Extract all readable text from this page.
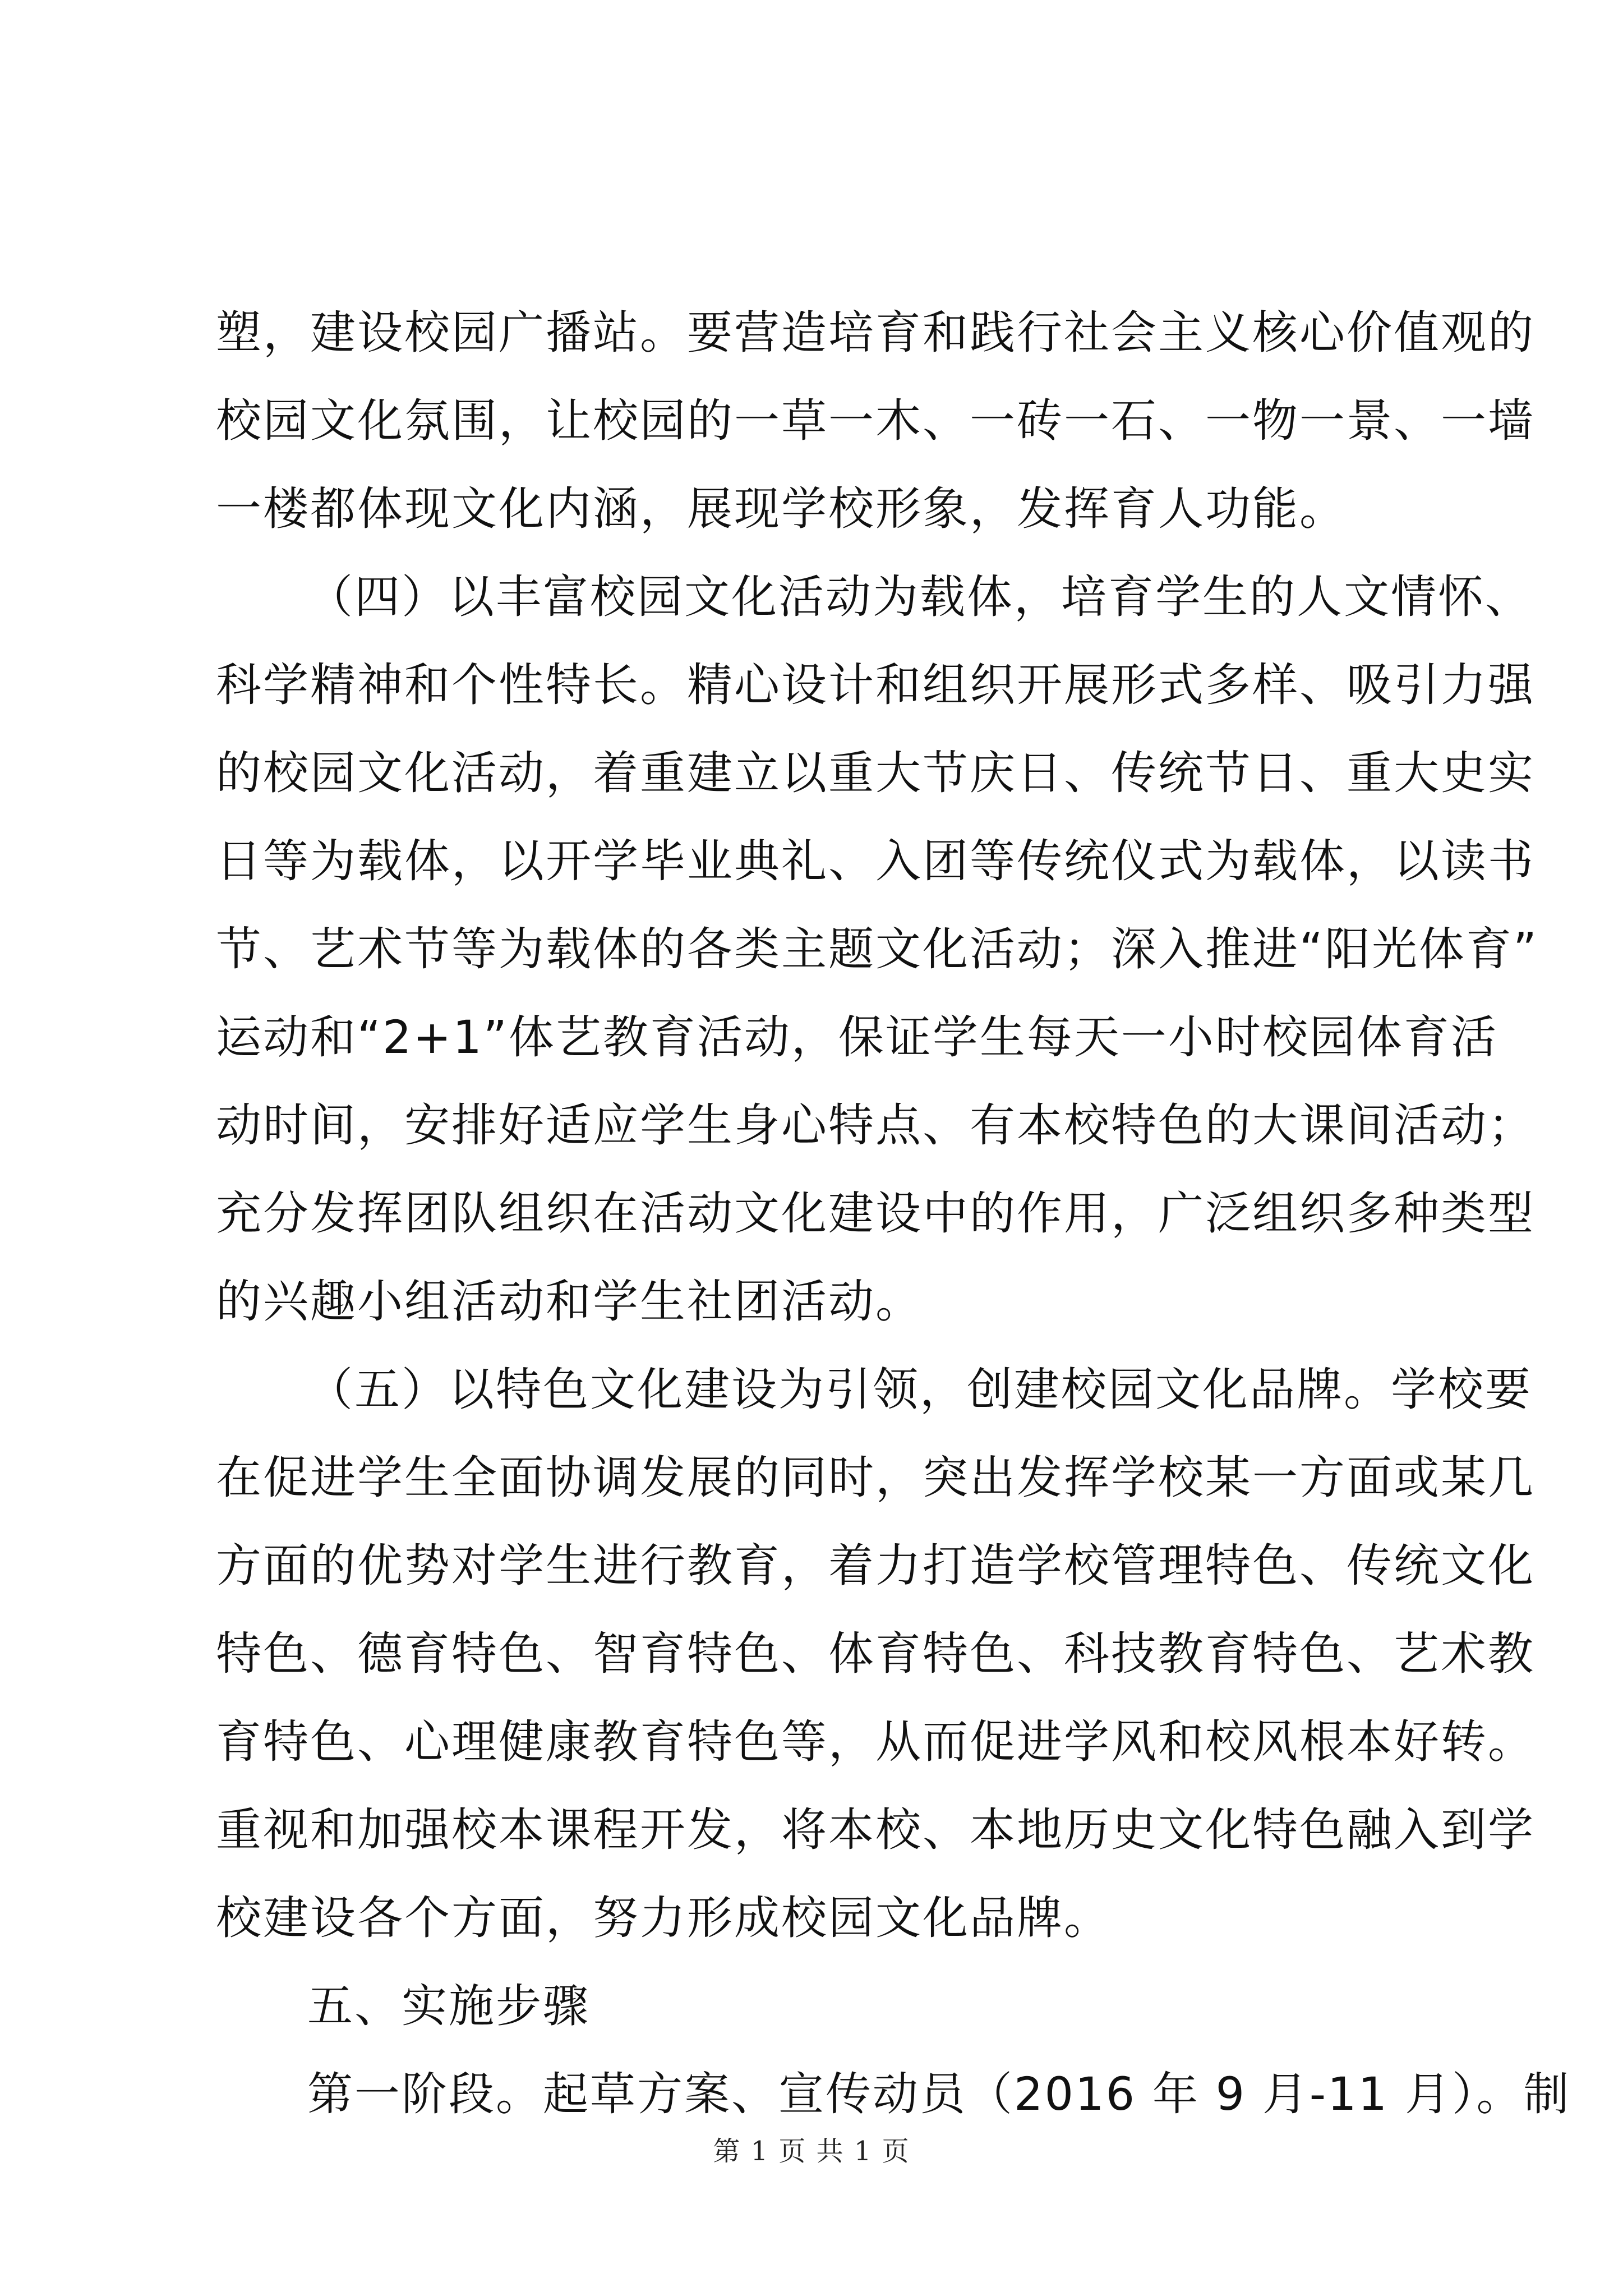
塑，建设校园广播站。要营造培育和践行社会主义核心价值观的
校园文化氛围，让校园的一草一木、一砖一石、一物一景、一墙
一楼都体现文化内涵，展现学校形象，发挥育人功能。
（四）以丰富校园文化活动为载体，培育学生的人文情怀、
科学精神和个性特长。精心设计和组织开展形式多样、吸引力强
的校园文化活动，着重建立以重大节庆日、传统节日、重大史实
日等为载体，以开学毕业典礼、入团等传统仪式为载体，以读书
节、艺术节等为载体的各类主题文化活动；深入推进“阳光体育”
运动和“2+1”体艺教育活动，保证学生每天一小时校园体育活
动时间，安排好适应学生身心特点、有本校特色的大课间活动；
充分发挥团队组织在活动文化建设中的作用，广泛组织多种类型
的兴趣小组活动和学生社团活动。
（五）以特色文化建设为引领，创建校园文化品牌。学校要
在促进学生全面协调发展的同时，突出发挥学校某一方面或某几
方面的优势对学生进行教育，着力打造学校管理特色、传统文化
特色、德育特色、智育特色、体育特色、科技教育特色、艺术教
育特色、心理健康教育特色等，从而促进学风和校风根本好转。
重视和加强校本课程开发，将本校、本地历史文化特色融入到学
校建设各个方面，努力形成校园文化品牌。
五、实施步骤
第一阶段。起草方案、宣传动员（2016 年 9 月-11 月）。制
第 1 页 共 1 页
